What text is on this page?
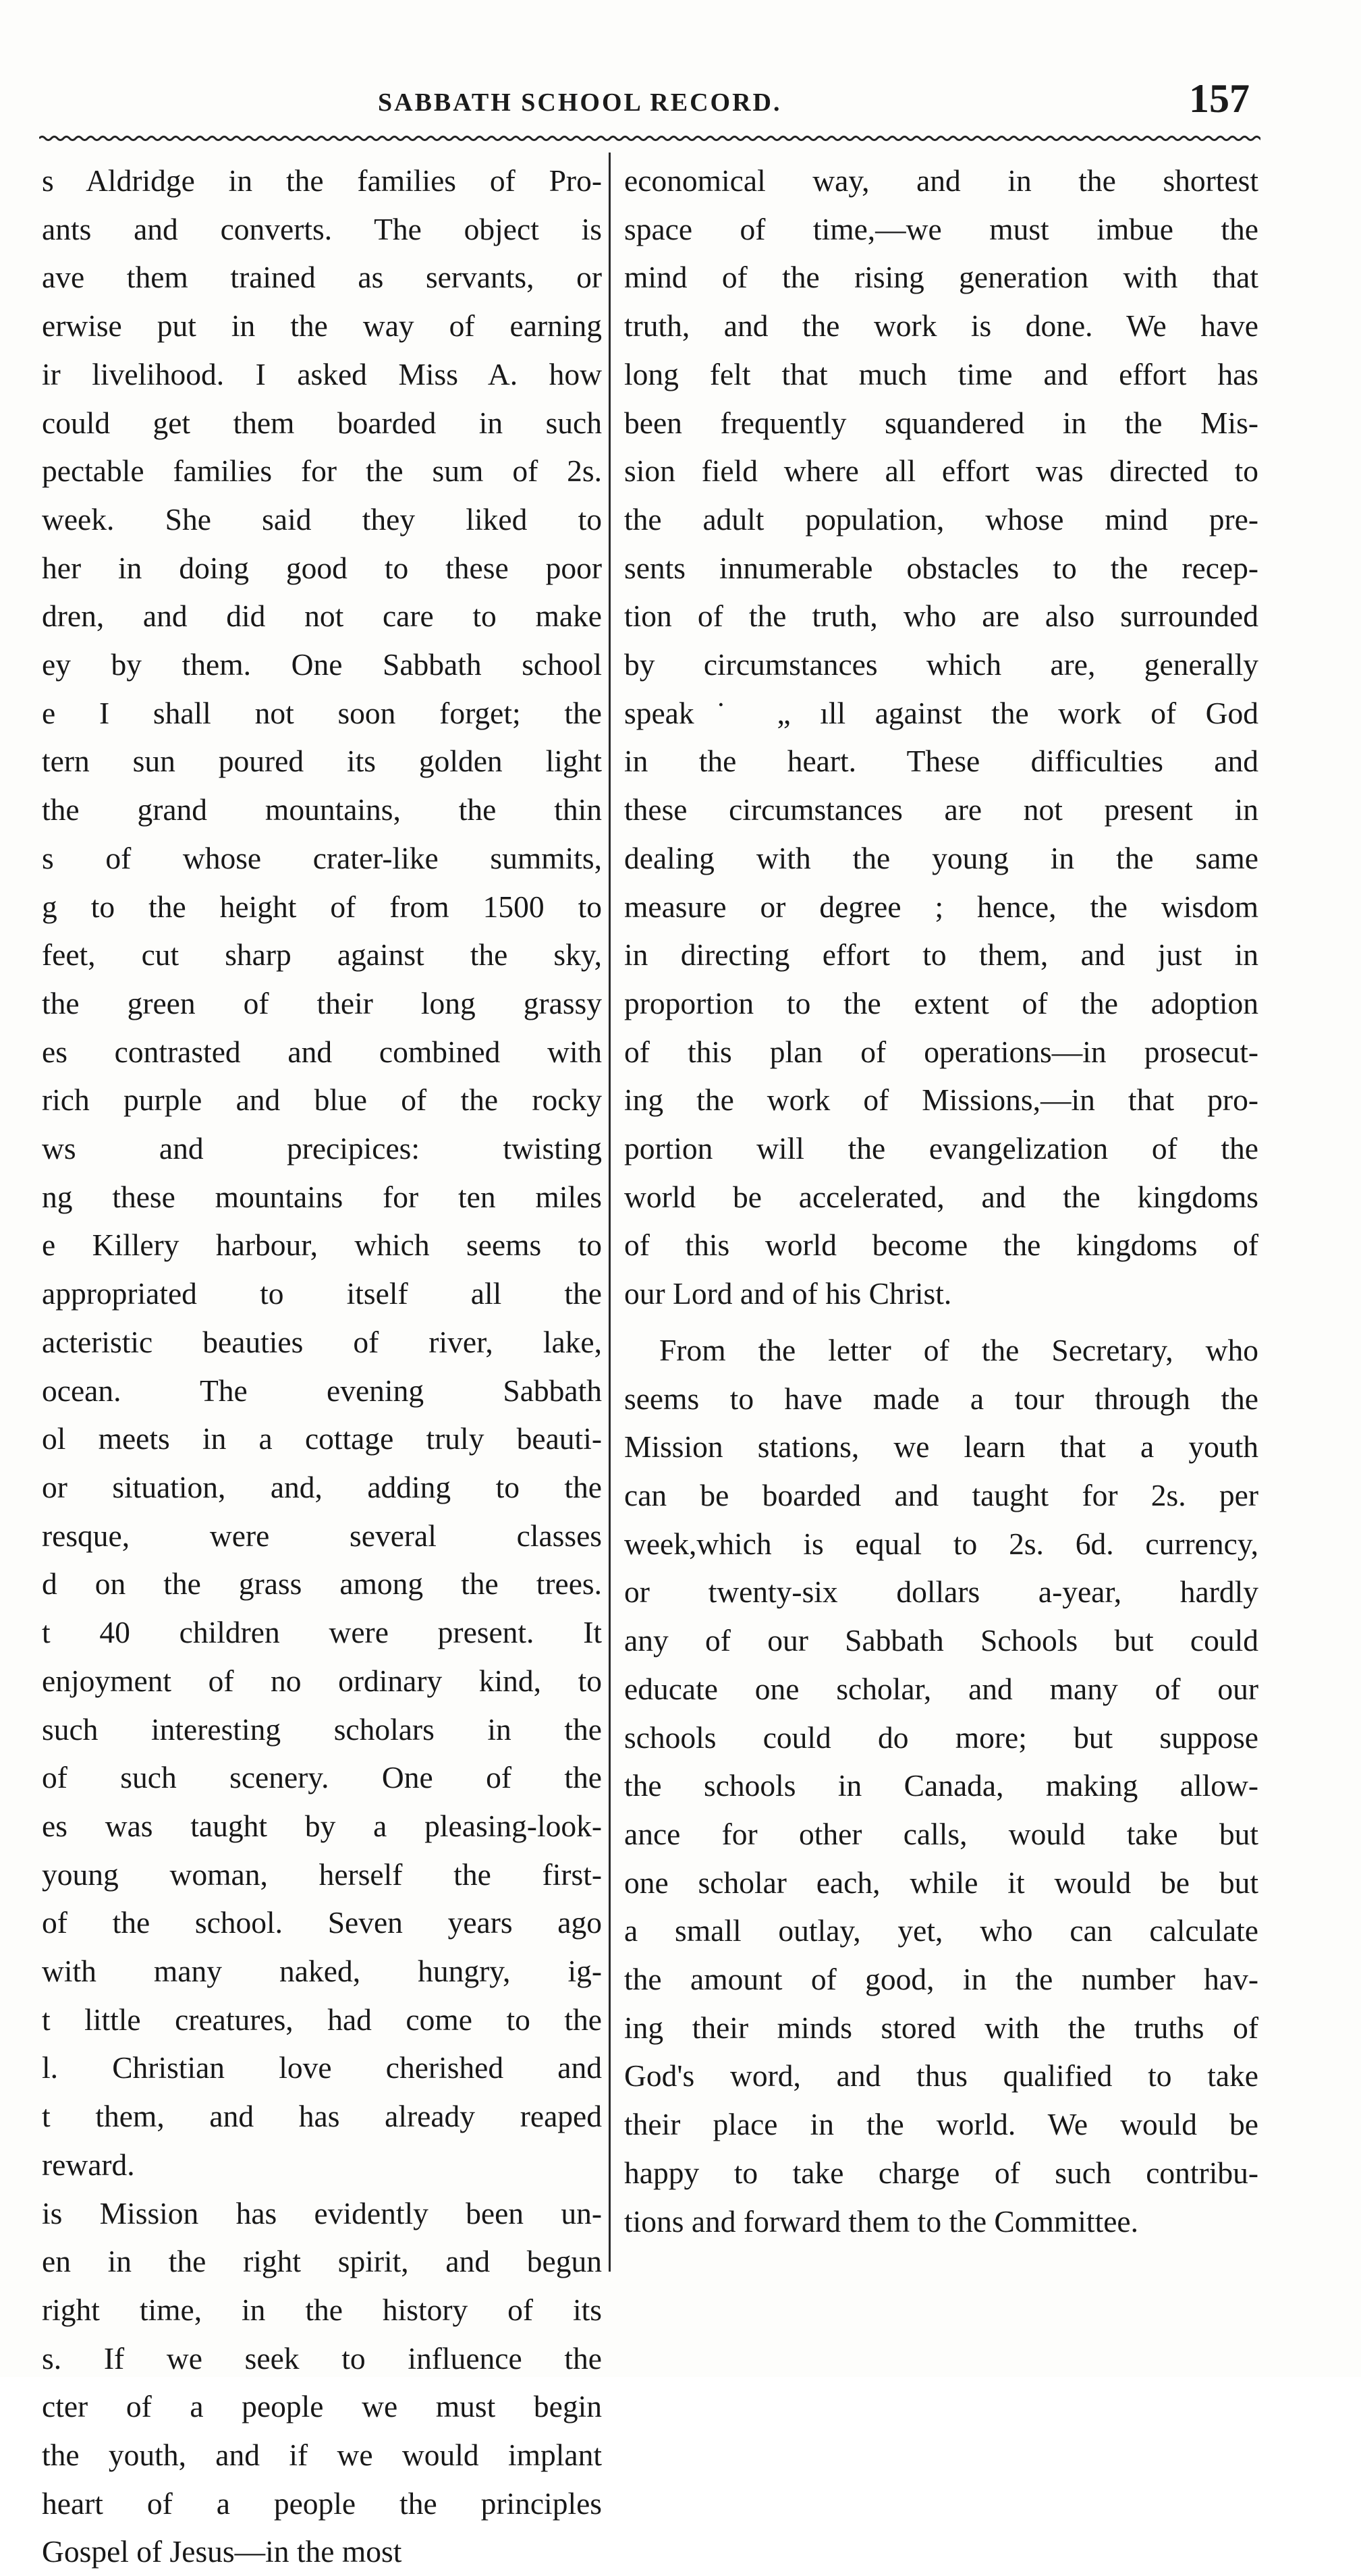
SABBATH SCHOOL RECORD.	157
s Aldridge in the families of Pro-
ants and converts. The object is
ave them trained as servants, or
erwise put in the way of earning
ir livelihood. I asked Miss A. how
could get them boarded in such
pectable families for the sum of 2s.
week. She said they liked to
her in doing good to these poor
dren, and did not care to make
ey by them. One Sabbath school
e I shall not soon forget; the
tern sun poured its golden light
the grand mountains, the thin
s of whose crater-like summits,
g to the height of from 1500 to
feet, cut sharp against the sky,
the green of their long grassy
es contrasted and combined with
rich purple and blue of the rocky
ws and precipices: twisting
ng these mountains for ten miles
e Killery harbour, which seems to
appropriated to itself all the
acteristic beauties of river, lake,
ocean. The evening Sabbath
ol meets in a cottage truly beauti-
or situation, and, adding to the
resque, were several classes
d on the grass among the trees.
t 40 children were present. It
enjoyment of no ordinary kind, to
such interesting scholars in the
of such scenery. One of the
es was taught by a pleasing-look-
young woman, herself the first-
of the school. Seven years ago
with many naked, hungry, ig-
t little creatures, had come to the
l. Christian love cherished and
t them, and has already reaped
reward.
is Mission has evidently been un-
en in the right spirit, and begun
right time, in the history of its
s. If we seek to influence the
cter of a people we must begin
the youth, and if we would implant
heart of a people the principles
Gospel of Jesus—in the most
economical way, and in the shortest
space of time,—we must imbue the
mind of the rising generation with that
truth, and the work is done. We have
long felt that much time and effort has
been frequently squandered in the Mis-
sion field where all effort was directed to
the adult population, whose mind pre-
sents innumerable obstacles to the recep-
tion of the truth, who are also surrounded
by circumstances which are, generally
speak˙ „ ıll against the work of God
in the heart. These difficulties and
these circumstances are not present in
dealing with the young in the same
measure or degree ; hence, the wisdom
in directing effort to them, and just in
proportion to the extent of the adoption
of this plan of operations—in prosecut-
ing the work of Missions,—in that pro-
portion will the evangelization of the
world be accelerated, and the kingdoms
of this world become the kingdoms of
our Lord and of his Christ.
From the letter of the Secretary, who
seems to have made a tour through the
Mission stations, we learn that a youth
can be boarded and taught for 2s. per
week,which is equal to 2s. 6d. currency,
or twenty-six dollars a-year, hardly
any of our Sabbath Schools but could
educate one scholar, and many of our
schools could do more; but suppose
the schools in Canada, making allow-
ance for other calls, would take but
one scholar each, while it would be but
a small outlay, yet, who can calculate
the amount of good, in the number hav-
ing their minds stored with the truths of
God's word, and thus qualified to take
their place in the world. We would be
happy to take charge of such contribu-
tions and forward them to the Committee.
